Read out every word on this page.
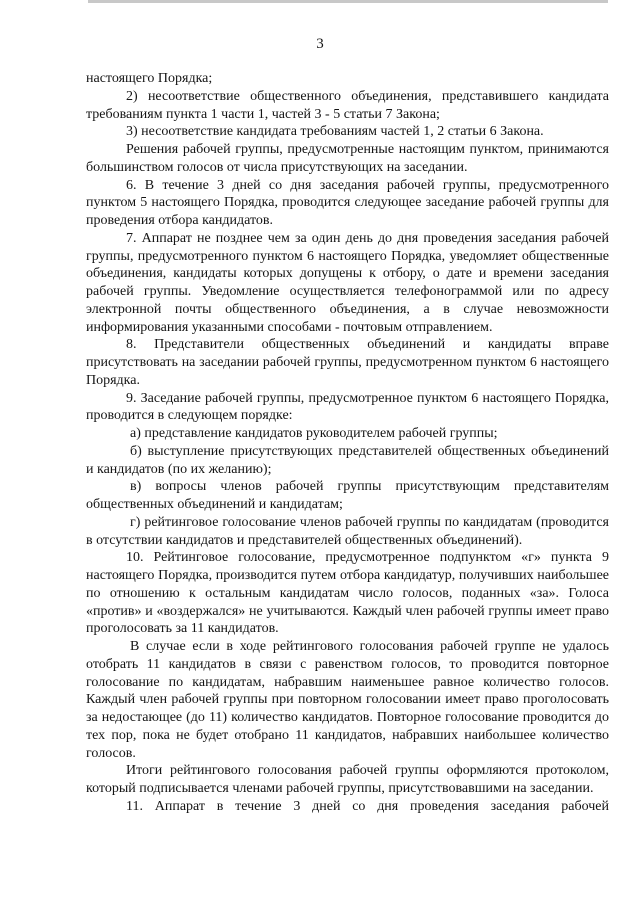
3

настоящего Порядка;

2) несоответствие общественного объединения, представившего кандидата требованиям пункта 1 части 1, частей 3 - 5 статьи 7 Закона;

3) несоответствие кандидата требованиям частей 1, 2 статьи 6 Закона.

Решения рабочей группы, предусмотренные настоящим пунктом, принимаются большинством голосов от числа присутствующих на заседании.

6. В течение 3 дней со дня заседания рабочей группы, предусмотренного пунктом 5 настоящего Порядка, проводится следующее заседание рабочей группы для проведения отбора кандидатов.

7. Аппарат не позднее чем за один день до дня проведения заседания рабочей группы, предусмотренного пунктом 6 настоящего Порядка, уведомляет общественные объединения, кандидаты которых допущены к отбору, о дате и времени заседания рабочей группы. Уведомление осуществляется телефонограммой или по адресу электронной почты общественного объединения, а в случае невозможности информирования указанными способами - почтовым отправлением.

8. Представители общественных объединений и кандидаты вправе присутствовать на заседании рабочей группы, предусмотренном пунктом 6 настоящего Порядка.

9. Заседание рабочей группы, предусмотренное пунктом 6 настоящего Порядка, проводится в следующем порядке:

а) представление кандидатов руководителем рабочей группы;

б) выступление присутствующих представителей общественных объединений и кандидатов (по их желанию);

в) вопросы членов рабочей группы присутствующим представителям общественных объединений и кандидатам;

г) рейтинговое голосование членов рабочей группы по кандидатам (проводится в отсутствии кандидатов и представителей общественных объединений).

10. Рейтинговое голосование, предусмотренное подпунктом «г» пункта 9 настоящего Порядка, производится путем отбора кандидатур, получивших наибольшее по отношению к остальным кандидатам число голосов, поданных «за». Голоса «против» и «воздержался» не учитываются. Каждый член рабочей группы имеет право проголосовать за 11 кандидатов.

В случае если в ходе рейтингового голосования рабочей группе не удалось отобрать 11 кандидатов в связи с равенством голосов, то проводится повторное голосование по кандидатам, набравшим наименьшее равное количество голосов. Каждый член рабочей группы при повторном голосовании имеет право проголосовать за недостающее (до 11) количество кандидатов. Повторное голосование проводится до тех пор, пока не будет отобрано 11 кандидатов, набравших наибольшее количество голосов.

Итоги рейтингового голосования рабочей группы оформляются протоколом, который подписывается членами рабочей группы, присутствовавшими на заседании.

11. Аппарат в течение 3 дней со дня проведения заседания рабочей
